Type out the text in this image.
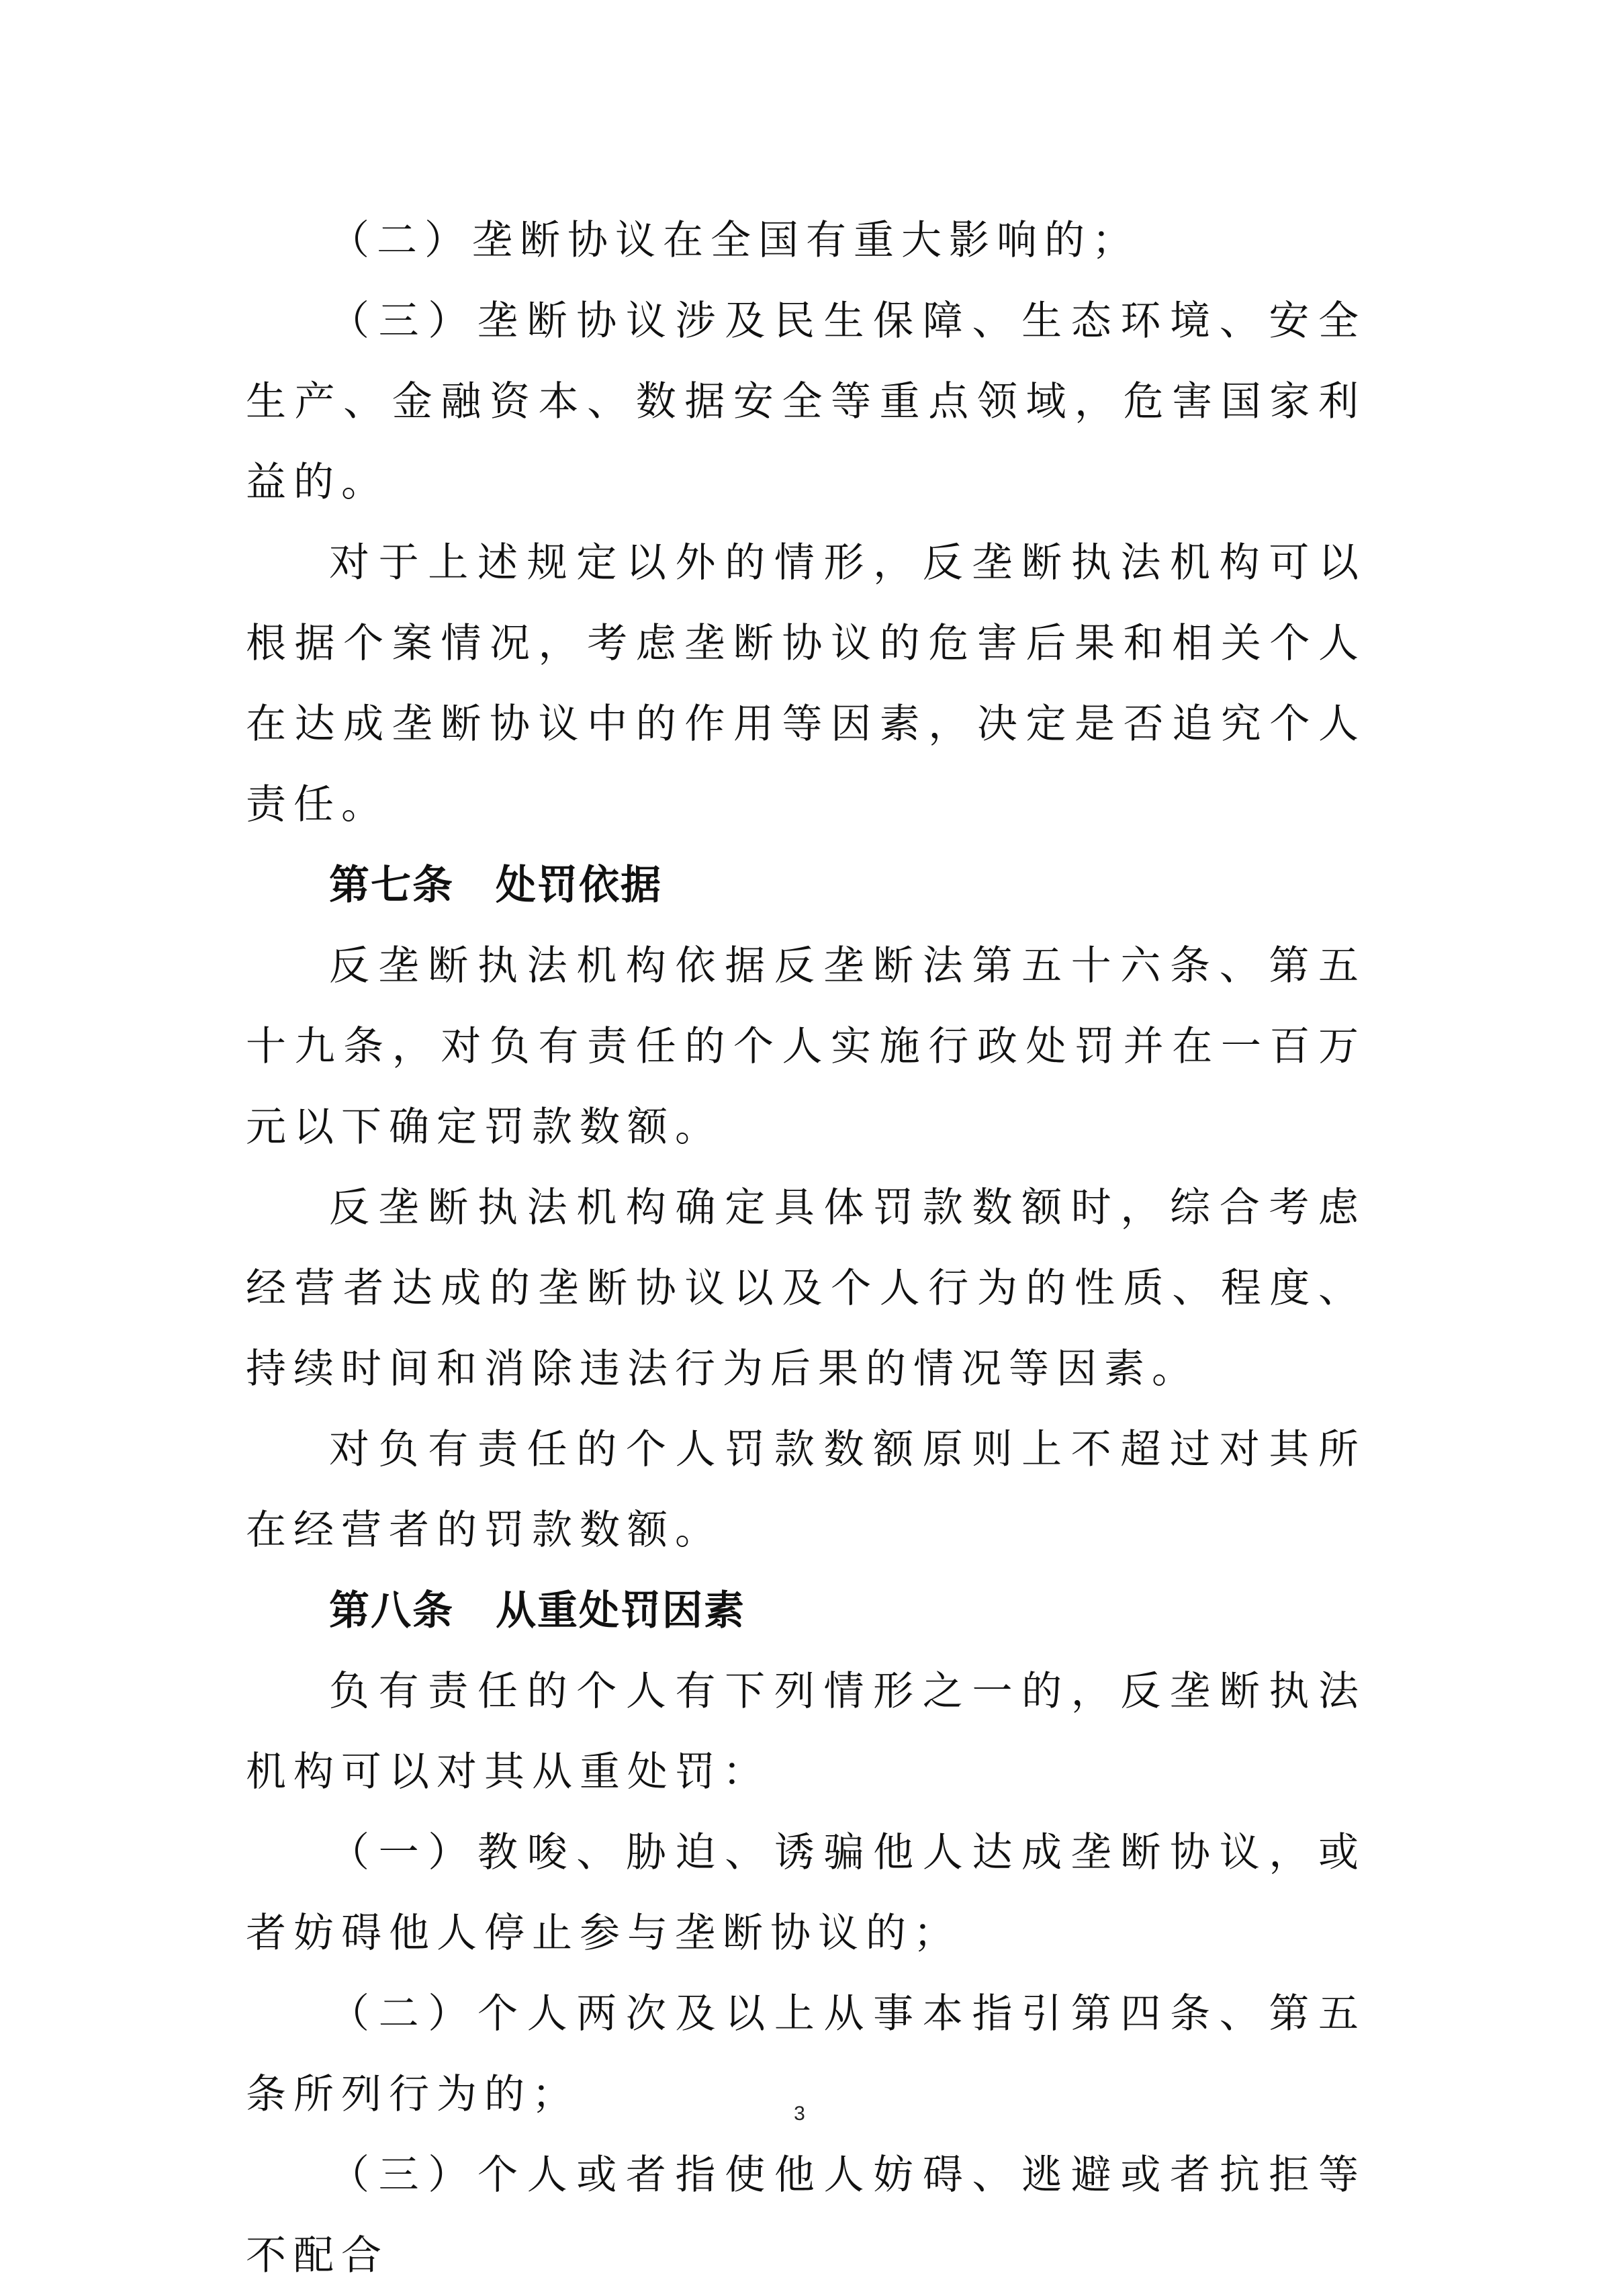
（二）垄断协议在全国有重大影响的；

（三）垄断协议涉及民生保障、生态环境、安全生产、金融资本、数据安全等重点领域，危害国家利益的。

对于上述规定以外的情形，反垄断执法机构可以根据个案情况，考虑垄断协议的危害后果和相关个人在达成垄断协议中的作用等因素，决定是否追究个人责任。

第七条 处罚依据

反垄断执法机构依据反垄断法第五十六条、第五十九条，对负有责任的个人实施行政处罚并在一百万元以下确定罚款数额。

反垄断执法机构确定具体罚款数额时，综合考虑经营者达成的垄断协议以及个人行为的性质、程度、持续时间和消除违法行为后果的情况等因素。

对负有责任的个人罚款数额原则上不超过对其所在经营者的罚款数额。

第八条 从重处罚因素

负有责任的个人有下列情形之一的，反垄断执法机构可以对其从重处罚：

（一）教唆、胁迫、诱骗他人达成垄断协议，或者妨碍他人停止参与垄断协议的；

（二）个人两次及以上从事本指引第四条、第五条所列行为的；

（三）个人或者指使他人妨碍、逃避或者抗拒等不配合

3
